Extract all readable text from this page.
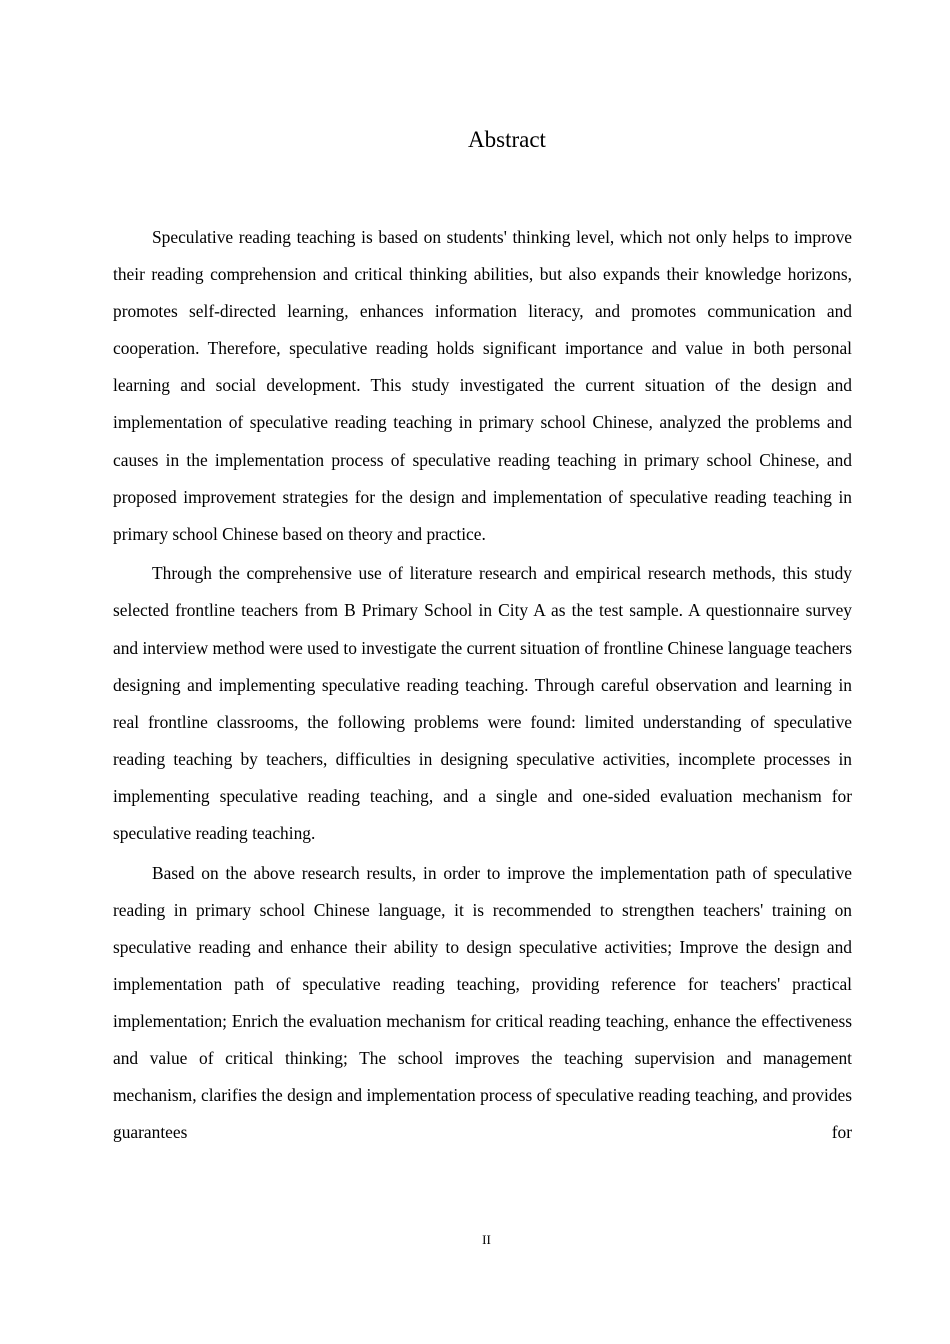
Abstract

Speculative reading teaching is based on students' thinking level, which not only helps to improve their reading comprehension and critical thinking abilities, but also expands their knowledge horizons, promotes self-directed learning, enhances information literacy, and promotes communication and cooperation. Therefore, speculative reading holds significant importance and value in both personal learning and social development. This study investigated the current situation of the design and implementation of speculative reading teaching in primary school Chinese, analyzed the problems and causes in the implementation process of speculative reading teaching in primary school Chinese, and proposed improvement strategies for the design and implementation of speculative reading teaching in primary school Chinese based on theory and practice.

Through the comprehensive use of literature research and empirical research methods, this study selected frontline teachers from B Primary School in City A as the test sample. A questionnaire survey and interview method were used to investigate the current situation of frontline Chinese language teachers designing and implementing speculative reading teaching. Through careful observation and learning in real frontline classrooms, the following problems were found: limited understanding of speculative reading teaching by teachers, difficulties in designing speculative activities, incomplete processes in implementing speculative reading teaching, and a single and one-sided evaluation mechanism for speculative reading teaching.

Based on the above research results, in order to improve the implementation path of speculative reading in primary school Chinese language, it is recommended to strengthen teachers' training on speculative reading and enhance their ability to design speculative activities; Improve the design and implementation path of speculative reading teaching, providing reference for teachers' practical implementation; Enrich the evaluation mechanism for critical reading teaching, enhance the effectiveness and value of critical thinking; The school improves the teaching supervision and management mechanism, clarifies the design and implementation process of speculative reading teaching, and provides guarantees for

II
